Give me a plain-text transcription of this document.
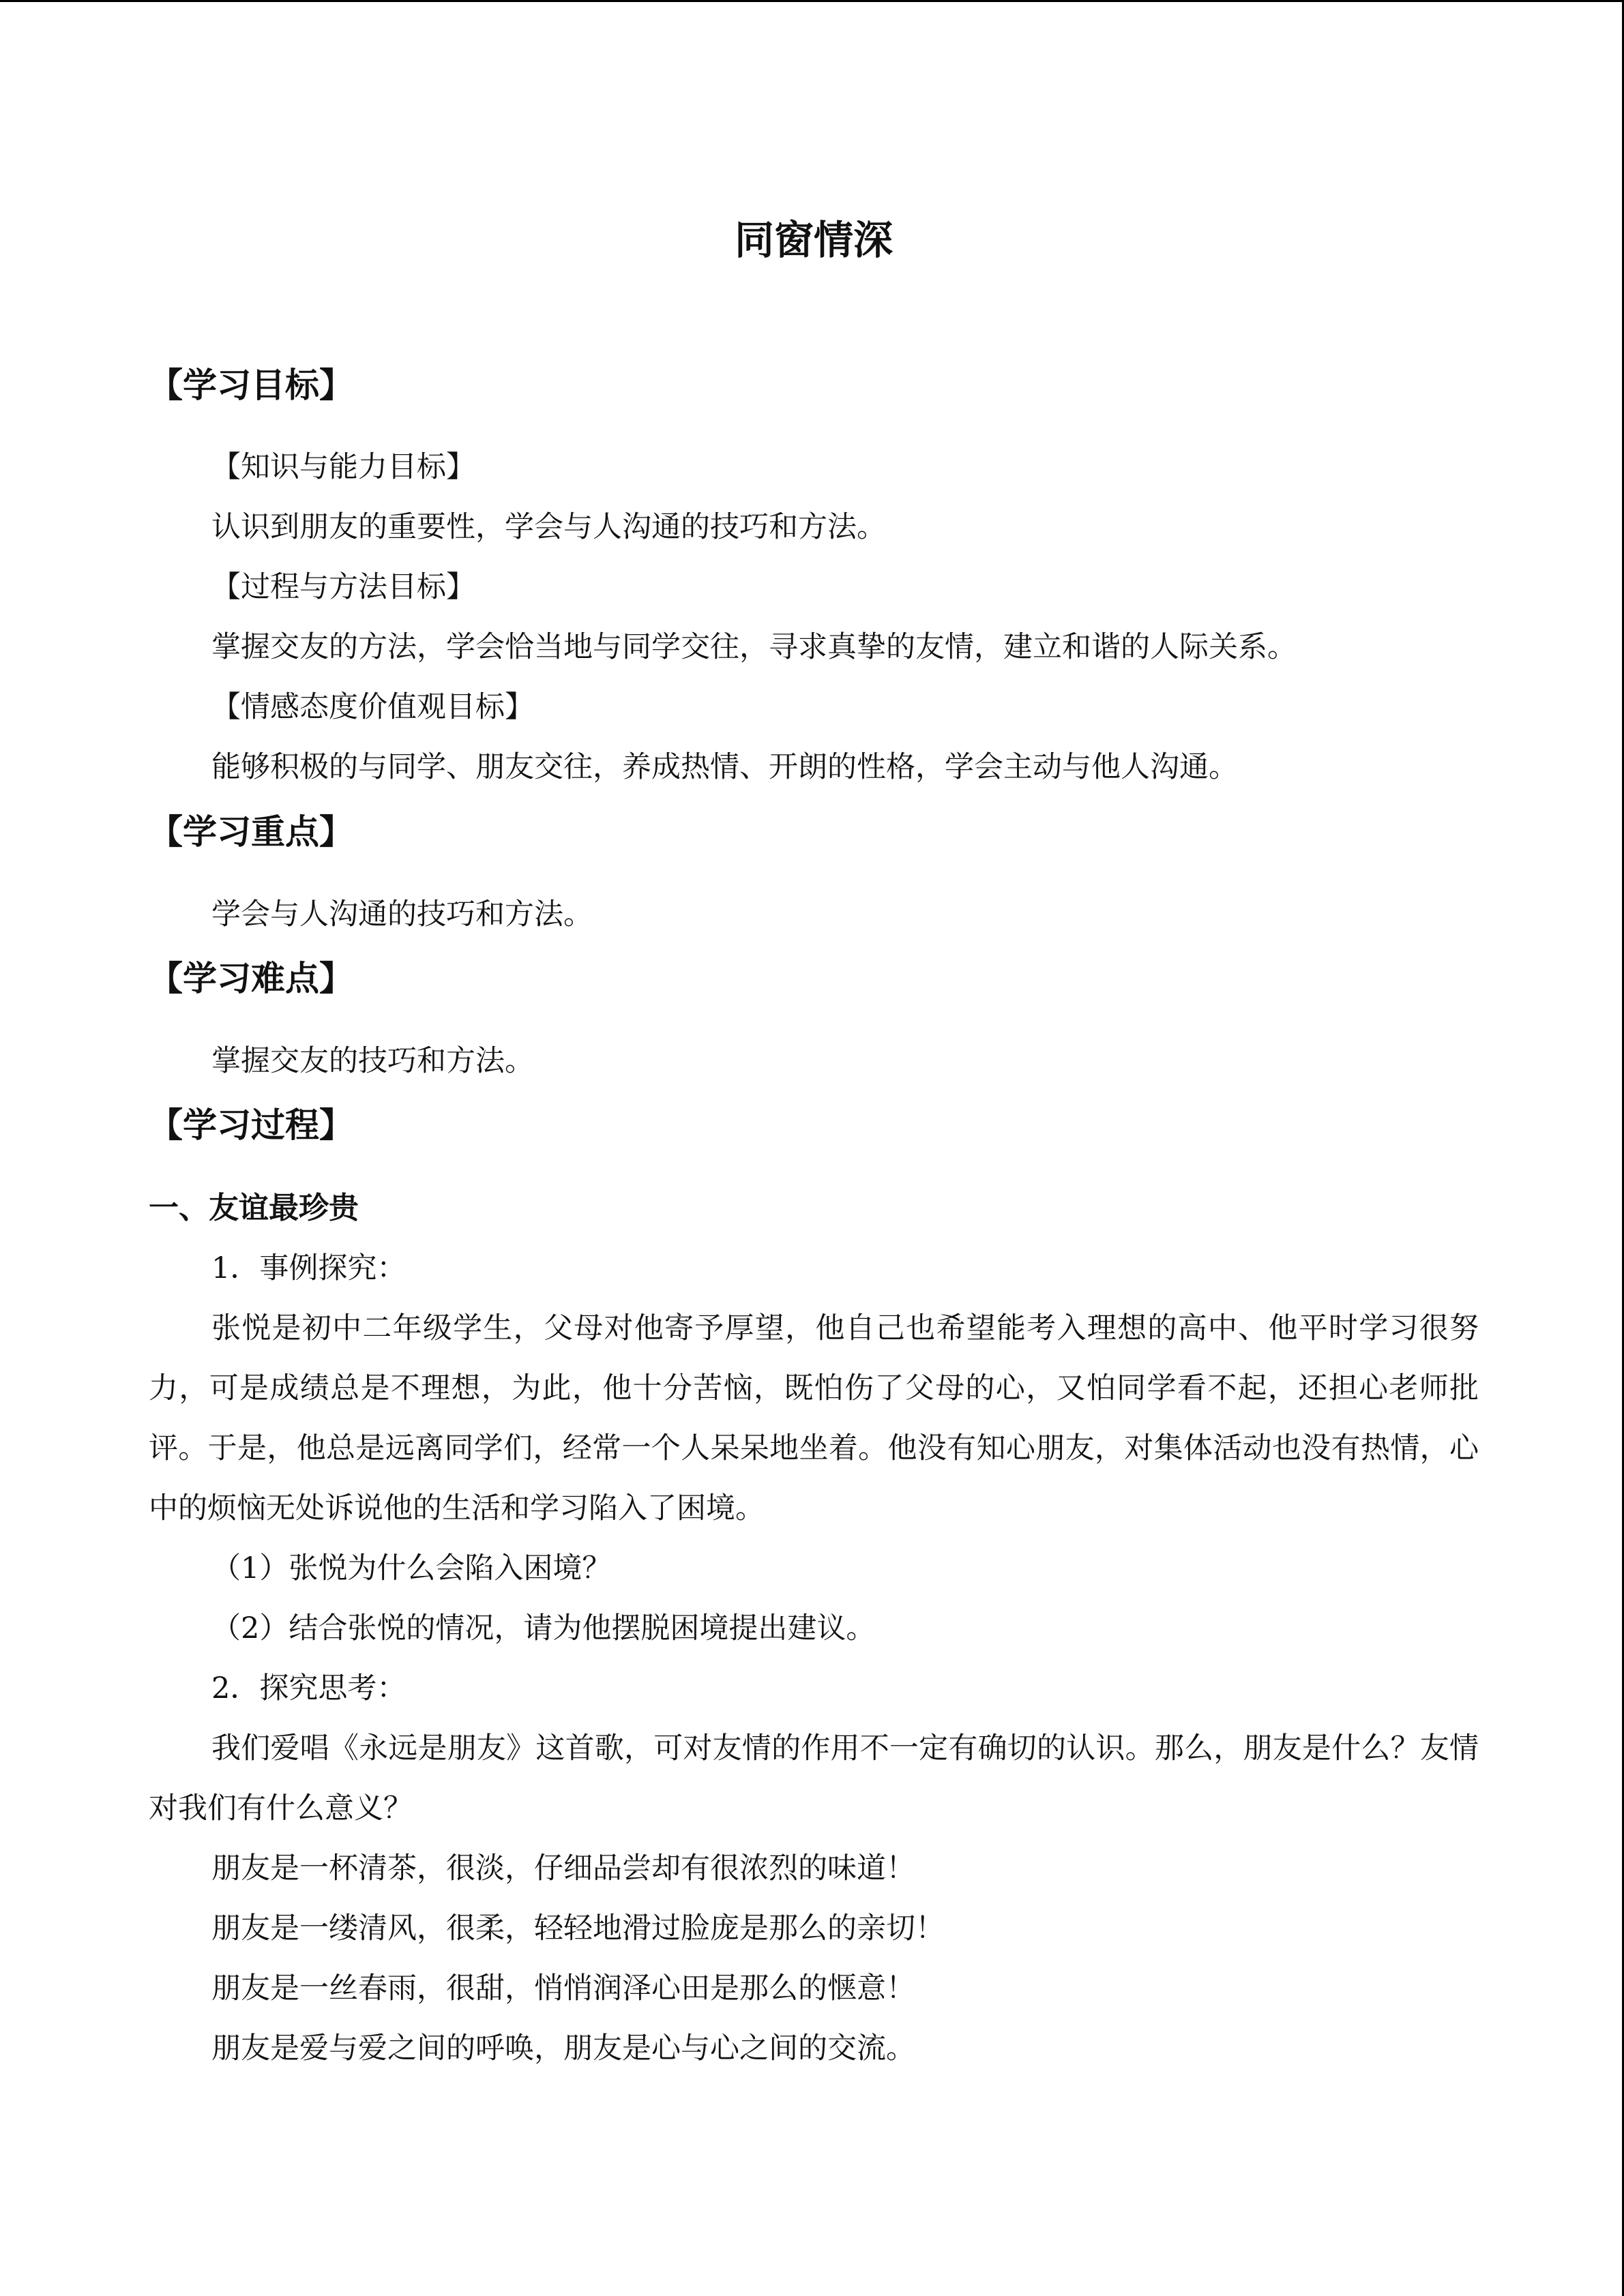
同窗情深
【学习目标】
【知识与能力目标】
认识到朋友的重要性，学会与人沟通的技巧和方法。
【过程与方法目标】
掌握交友的方法，学会恰当地与同学交往，寻求真挚的友情，建立和谐的人际关系。
【情感态度价值观目标】
能够积极的与同学、朋友交往，养成热情、开朗的性格，学会主动与他人沟通。
【学习重点】
学会与人沟通的技巧和方法。
【学习难点】
掌握交友的技巧和方法。
【学习过程】
一、友谊最珍贵
1．事例探究：
张悦是初中二年级学生，父母对他寄予厚望，他自己也希望能考入理想的高中、他平时学习很努力，可是成绩总是不理想，为此，他十分苦恼，既怕伤了父母的心，又怕同学看不起，还担心老师批评。于是，他总是远离同学们，经常一个人呆呆地坐着。他没有知心朋友，对集体活动也没有热情，心中的烦恼无处诉说他的生活和学习陷入了困境。
（1）张悦为什么会陷入困境？
（2）结合张悦的情况，请为他摆脱困境提出建议。
2．探究思考：
我们爱唱《永远是朋友》这首歌，可对友情的作用不一定有确切的认识。那么，朋友是什么？友情对我们有什么意义？
朋友是一杯清茶，很淡，仔细品尝却有很浓烈的味道！
朋友是一缕清风，很柔，轻轻地滑过脸庞是那么的亲切！
朋友是一丝春雨，很甜，悄悄润泽心田是那么的惬意！
朋友是爱与爱之间的呼唤，朋友是心与心之间的交流。
